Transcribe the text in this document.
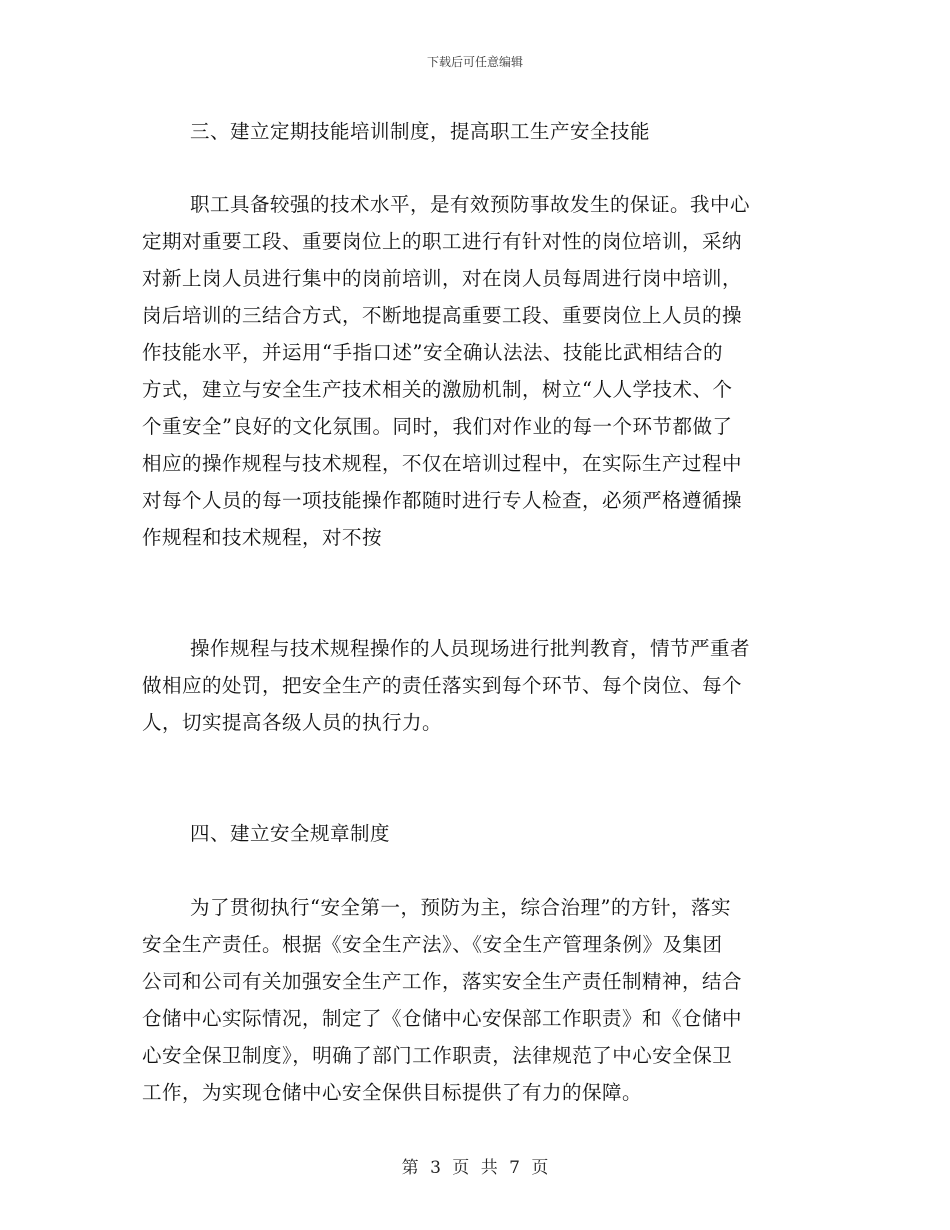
下载后可任意编辑
三、建立定期技能培训制度，提高职工生产安全技能
职工具备较强的技术水平，是有效预防事故发生的保证。我中心
定期对重要工段、重要岗位上的职工进行有针对性的岗位培训，采纳
对新上岗人员进行集中的岗前培训，对在岗人员每周进行岗中培训，
岗后培训的三结合方式，不断地提高重要工段、重要岗位上人员的操
作技能水平，并运用“手指口述”安全确认法法、技能比武相结合的
方式，建立与安全生产技术相关的激励机制，树立“人人学技术、个
个重安全”良好的文化氛围。同时，我们对作业的每一个环节都做了
相应的操作规程与技术规程，不仅在培训过程中，在实际生产过程中
对每个人员的每一项技能操作都随时进行专人检查，必须严格遵循操
作规程和技术规程，对不按
操作规程与技术规程操作的人员现场进行批判教育，情节严重者
做相应的处罚，把安全生产的责任落实到每个环节、每个岗位、每个
人，切实提高各级人员的执行力。
四、建立安全规章制度
为了贯彻执行“安全第一，预防为主，综合治理”的方针，落实
安全生产责任。根据《安全生产法》、《安全生产管理条例》及集团
公司和公司有关加强安全生产工作，落实安全生产责任制精神，结合
仓储中心实际情况，制定了《仓储中心安保部工作职责》和《仓储中
心安全保卫制度》，明确了部门工作职责，法律规范了中心安全保卫
工作，为实现仓储中心安全保供目标提供了有力的保障。
第 3 页 共 7 页
